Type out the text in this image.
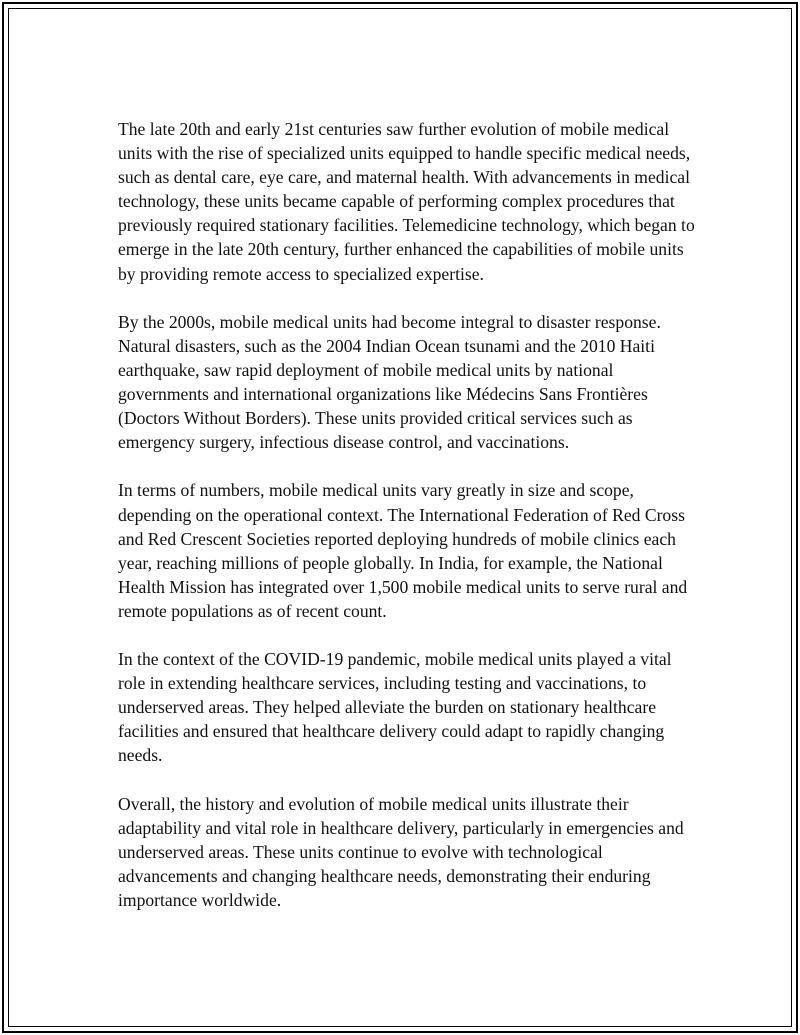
The late 20th and early 21st centuries saw further evolution of mobile medical units with the rise of specialized units equipped to handle specific medical needs, such as dental care, eye care, and maternal health. With advancements in medical technology, these units became capable of performing complex procedures that previously required stationary facilities. Telemedicine technology, which began to emerge in the late 20th century, further enhanced the capabilities of mobile units by providing remote access to specialized expertise.

By the 2000s, mobile medical units had become integral to disaster response. Natural disasters, such as the 2004 Indian Ocean tsunami and the 2010 Haiti earthquake, saw rapid deployment of mobile medical units by national governments and international organizations like Médecins Sans Frontières (Doctors Without Borders). These units provided critical services such as emergency surgery, infectious disease control, and vaccinations.

In terms of numbers, mobile medical units vary greatly in size and scope, depending on the operational context. The International Federation of Red Cross and Red Crescent Societies reported deploying hundreds of mobile clinics each year, reaching millions of people globally. In India, for example, the National Health Mission has integrated over 1,500 mobile medical units to serve rural and remote populations as of recent count.

In the context of the COVID-19 pandemic, mobile medical units played a vital role in extending healthcare services, including testing and vaccinations, to underserved areas. They helped alleviate the burden on stationary healthcare facilities and ensured that healthcare delivery could adapt to rapidly changing needs.

Overall, the history and evolution of mobile medical units illustrate their adaptability and vital role in healthcare delivery, particularly in emergencies and underserved areas. These units continue to evolve with technological advancements and changing healthcare needs, demonstrating their enduring importance worldwide.
